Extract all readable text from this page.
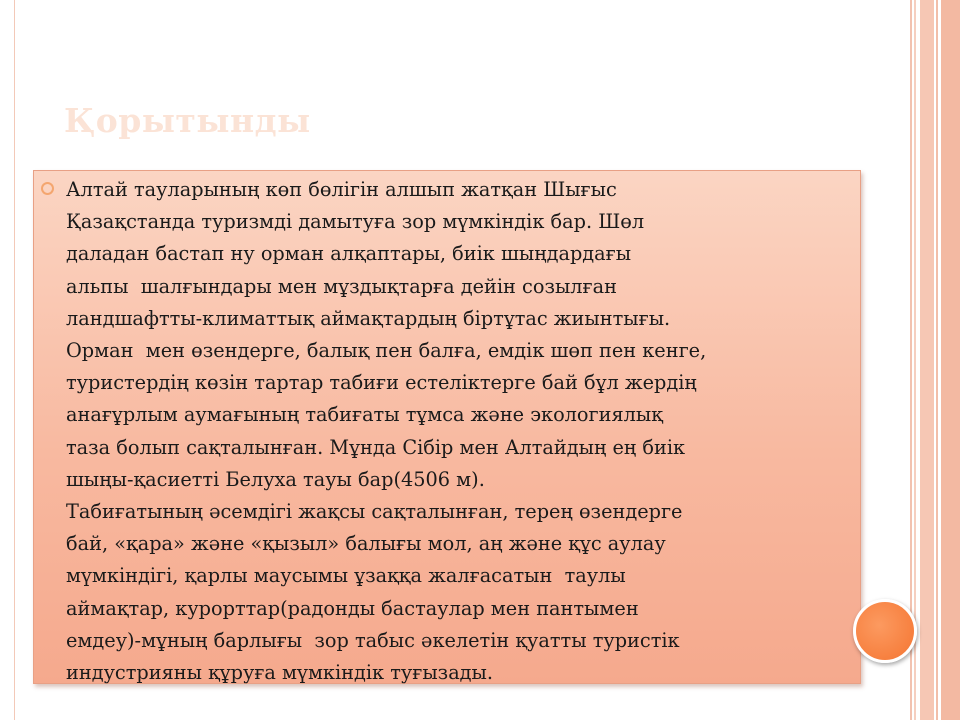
Қорытынды

Алтай тауларының көп бөлігін алшып жатқан Шығыс
Қазақстанда туризмді дамытуға зор мүмкіндік бар. Шөл
даладан бастап ну орман алқаптары, биік шыңдардағы
альпы  шалғындары мен мұздықтарға дейін созылған
ландшафтты-климаттық аймақтардың біртұтас жиынтығы.
Орман  мен өзендерге, балық пен балға, емдік шөп пен кенге,
туристердің көзін тартар табиғи естеліктерге бай бұл жердің
анағұрлым аумағының табиғаты тұмса және экологиялық
таза болып сақталынған. Мұнда Сібір мен Алтайдың ең биік
шыңы-қасиетті Белуха тауы бар(4506 м).
Табиғатының әсемдігі жақсы сақталынған, терең өзендерге
бай, «қара» және «қызыл» балығы мол, аң және құс аулау
мүмкіндігі, қарлы маусымы ұзаққа жалғасатын  таулы
аймақтар, курорттар(радонды бастаулар мен пантымен
емдеу)-мұның барлығы  зор табыс әкелетін қуатты туристік
индустрияны құруға мүмкіндік туғызады.
